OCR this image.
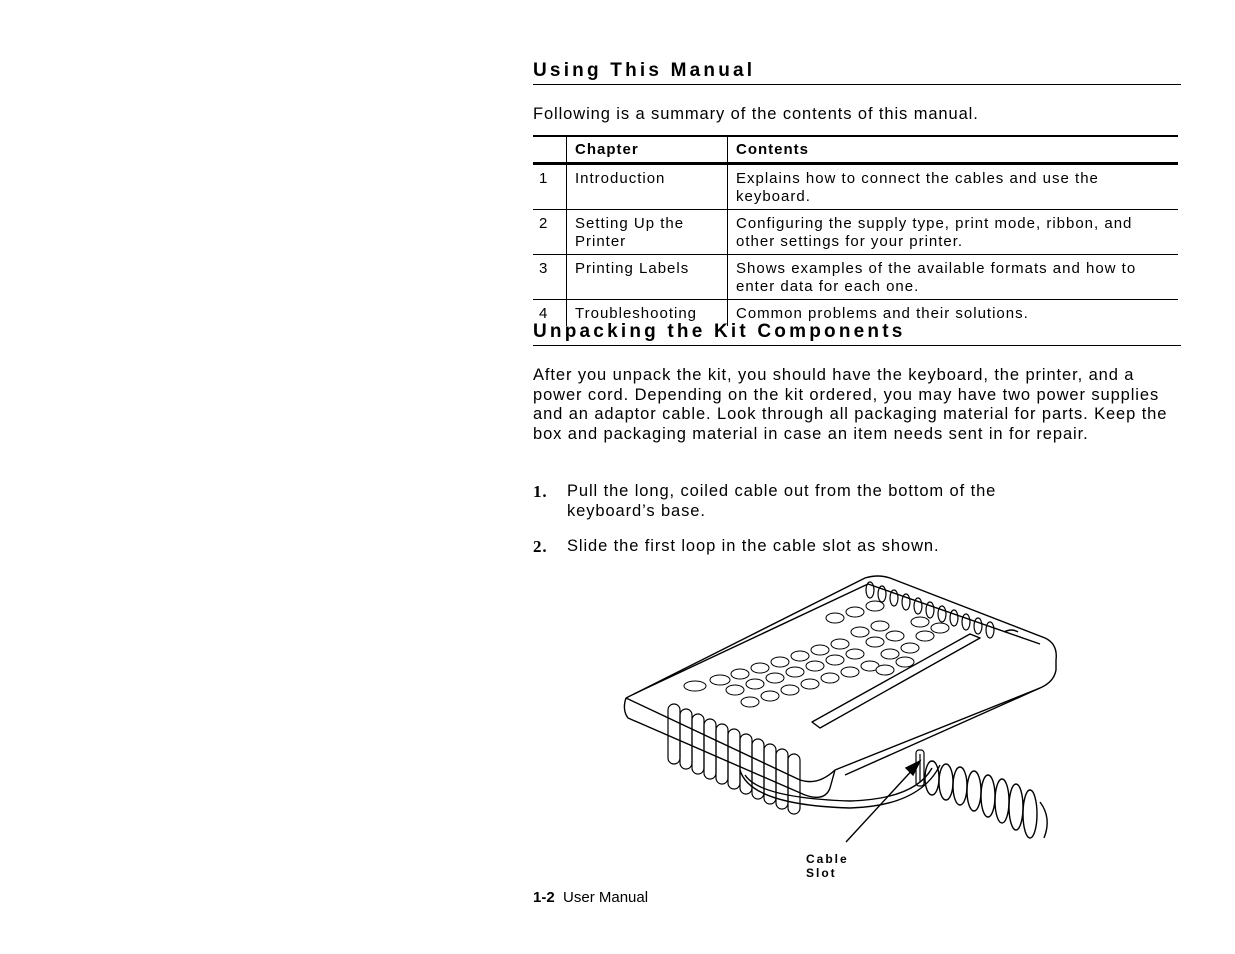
Using This Manual
Following is a summary of the contents of this manual.
	Chapter	Contents
1	Introduction	Explains how to connect the cables and use the keyboard.
2	Setting Up the Printer	Configuring the supply type, print mode, ribbon, and other settings for your printer.
3	Printing Labels	Shows examples of the available formats and how to enter data for each one.
4	Troubleshooting	Common problems and their solutions.
Unpacking the Kit Components
After you unpack the kit, you should have the keyboard, the printer, and a power cord. Depending on the kit ordered, you may have two power supplies and an adaptor cable. Look through all packaging material for parts. Keep the box and packaging material in case an item needs sent in for repair.
1. Pull the long, coiled cable out from the bottom of the keyboard’s base.
2. Slide the first loop in the cable slot as shown.
Cable
Slot
1-2 User Manual
